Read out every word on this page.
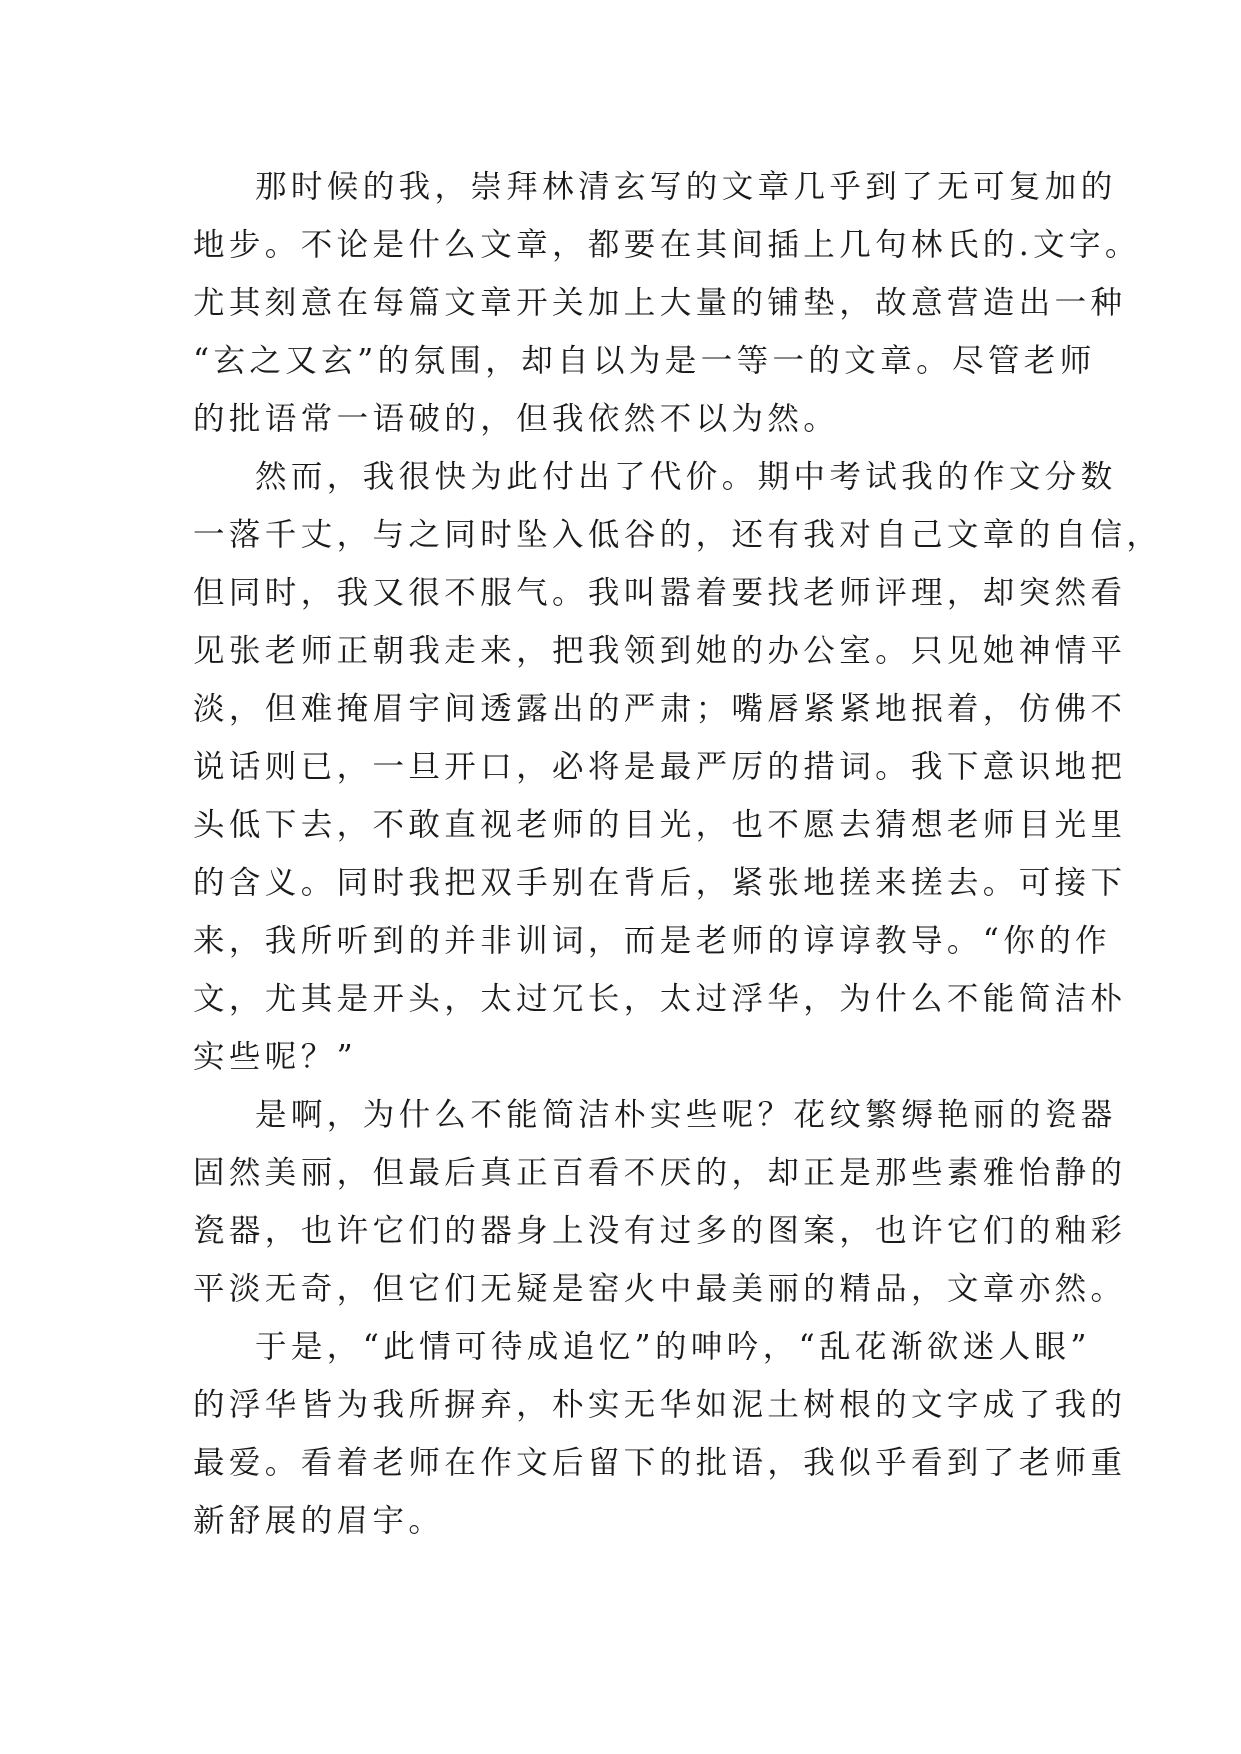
那时候的我，崇拜林清玄写的文章几乎到了无可复加的
地步。不论是什么文章，都要在其间插上几句林氏的.文字。
尤其刻意在每篇文章开关加上大量的铺垫，故意营造出一种
“玄之又玄”的氛围，却自以为是一等一的文章。尽管老师
的批语常一语破的，但我依然不以为然。
然而，我很快为此付出了代价。期中考试我的作文分数
一落千丈，与之同时坠入低谷的，还有我对自己文章的自信，
但同时，我又很不服气。我叫嚣着要找老师评理，却突然看
见张老师正朝我走来，把我领到她的办公室。只见她神情平
淡，但难掩眉宇间透露出的严肃；嘴唇紧紧地抿着，仿佛不
说话则已，一旦开口，必将是最严厉的措词。我下意识地把
头低下去，不敢直视老师的目光，也不愿去猜想老师目光里
的含义。同时我把双手别在背后，紧张地搓来搓去。可接下
来，我所听到的并非训词，而是老师的谆谆教导。“你的作
文，尤其是开头，太过冗长，太过浮华，为什么不能简洁朴
实些呢？”
是啊，为什么不能简洁朴实些呢？花纹繁缛艳丽的瓷器
固然美丽，但最后真正百看不厌的，却正是那些素雅怡静的
瓷器，也许它们的器身上没有过多的图案，也许它们的釉彩
平淡无奇，但它们无疑是窑火中最美丽的精品，文章亦然。
于是，“此情可待成追忆”的呻吟，“乱花渐欲迷人眼”
的浮华皆为我所摒弃，朴实无华如泥土树根的文字成了我的
最爱。看着老师在作文后留下的批语，我似乎看到了老师重
新舒展的眉宇。
